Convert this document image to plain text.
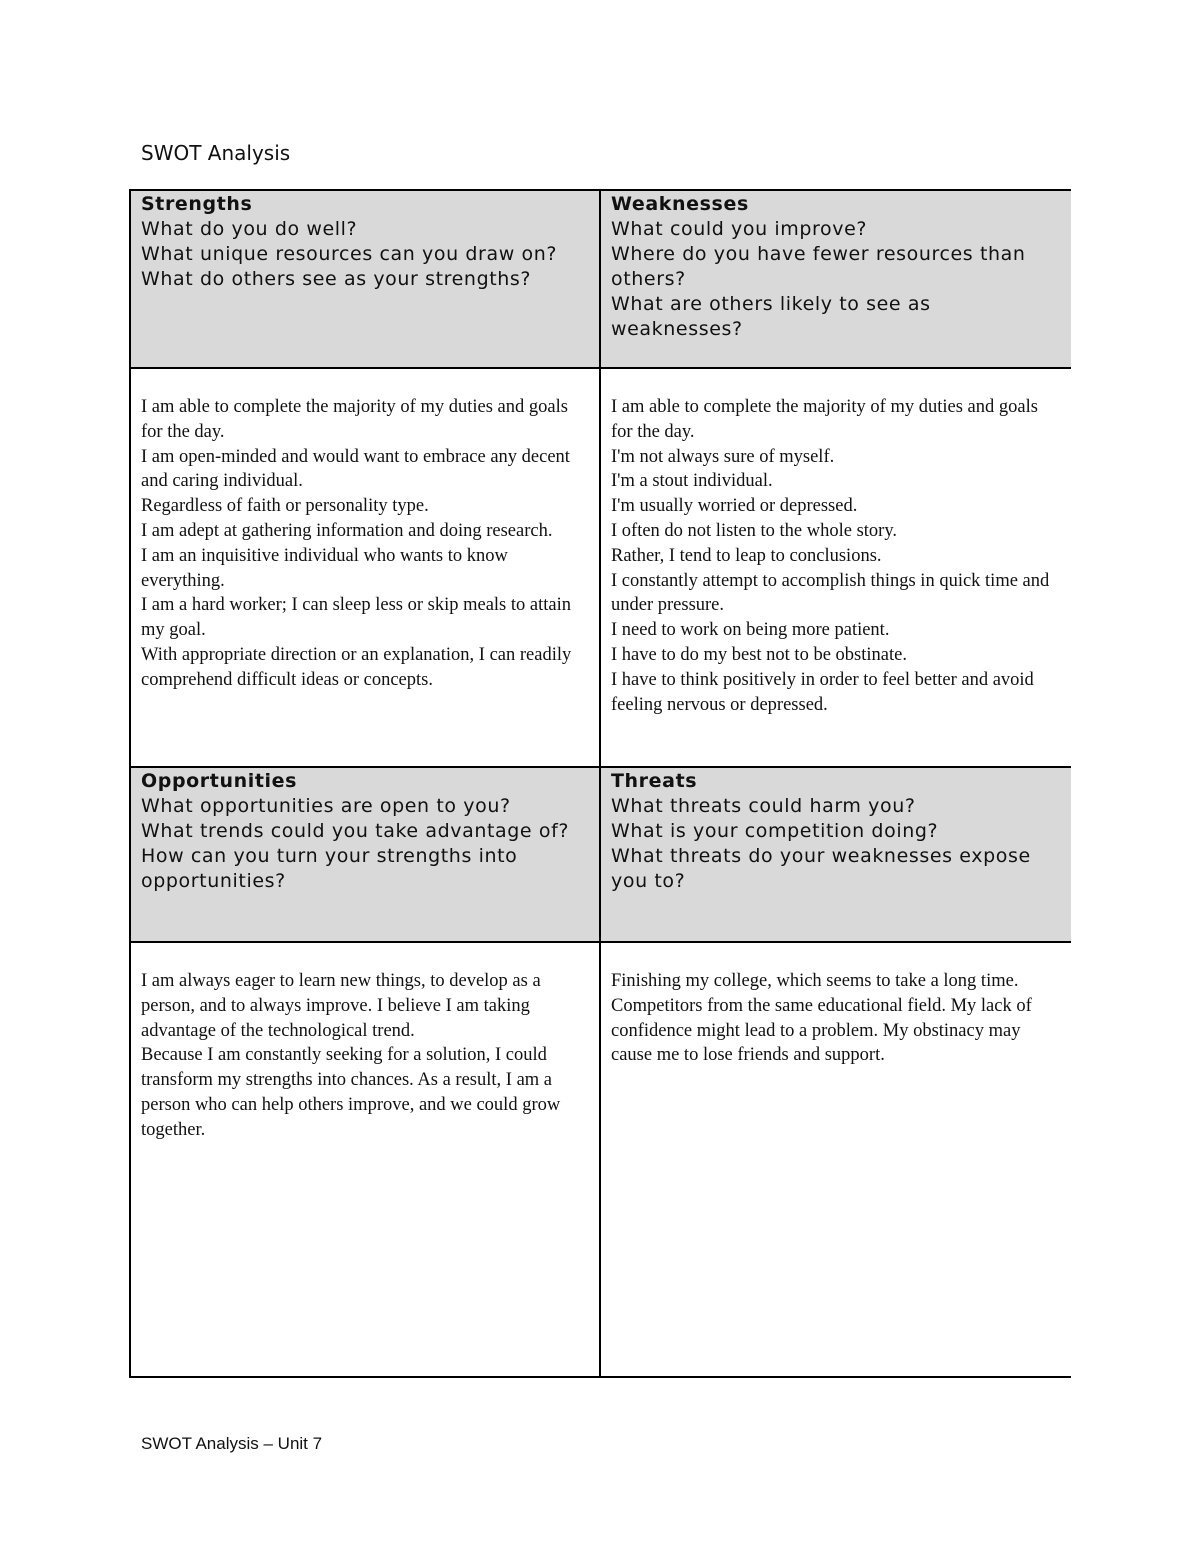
SWOT Analysis
Strengths
What do you do well?
What unique resources can you draw on?
What do others see as your strengths?
Weaknesses
What could you improve?
Where do you have fewer resources than others?
What are others likely to see as weaknesses?
I am able to complete the majority of my duties and goals for the day.
I am open-minded and would want to embrace any decent and caring individual.
Regardless of faith or personality type.
I am adept at gathering information and doing research.
I am an inquisitive individual who wants to know everything.
I am a hard worker; I can sleep less or skip meals to attain my goal.
With appropriate direction or an explanation, I can readily comprehend difficult ideas or concepts.
I am able to complete the majority of my duties and goals for the day.
I'm not always sure of myself.
I'm a stout individual.
I'm usually worried or depressed.
I often do not listen to the whole story.
Rather, I tend to leap to conclusions.
I constantly attempt to accomplish things in quick time and under pressure.
I need to work on being more patient.
I have to do my best not to be obstinate.
I have to think positively in order to feel better and avoid feeling nervous or depressed.
Opportunities
What opportunities are open to you?
What trends could you take advantage of?
How can you turn your strengths into opportunities?
Threats
What threats could harm you?
What is your competition doing?
What threats do your weaknesses expose you to?
I am always eager to learn new things, to develop as a person, and to always improve. I believe I am taking advantage of the technological trend.
Because I am constantly seeking for a solution, I could transform my strengths into chances. As a result, I am a person who can help others improve, and we could grow together.
Finishing my college, which seems to take a long time. Competitors from the same educational field. My lack of confidence might lead to a problem. My obstinacy may cause me to lose friends and support.
SWOT Analysis – Unit 7
